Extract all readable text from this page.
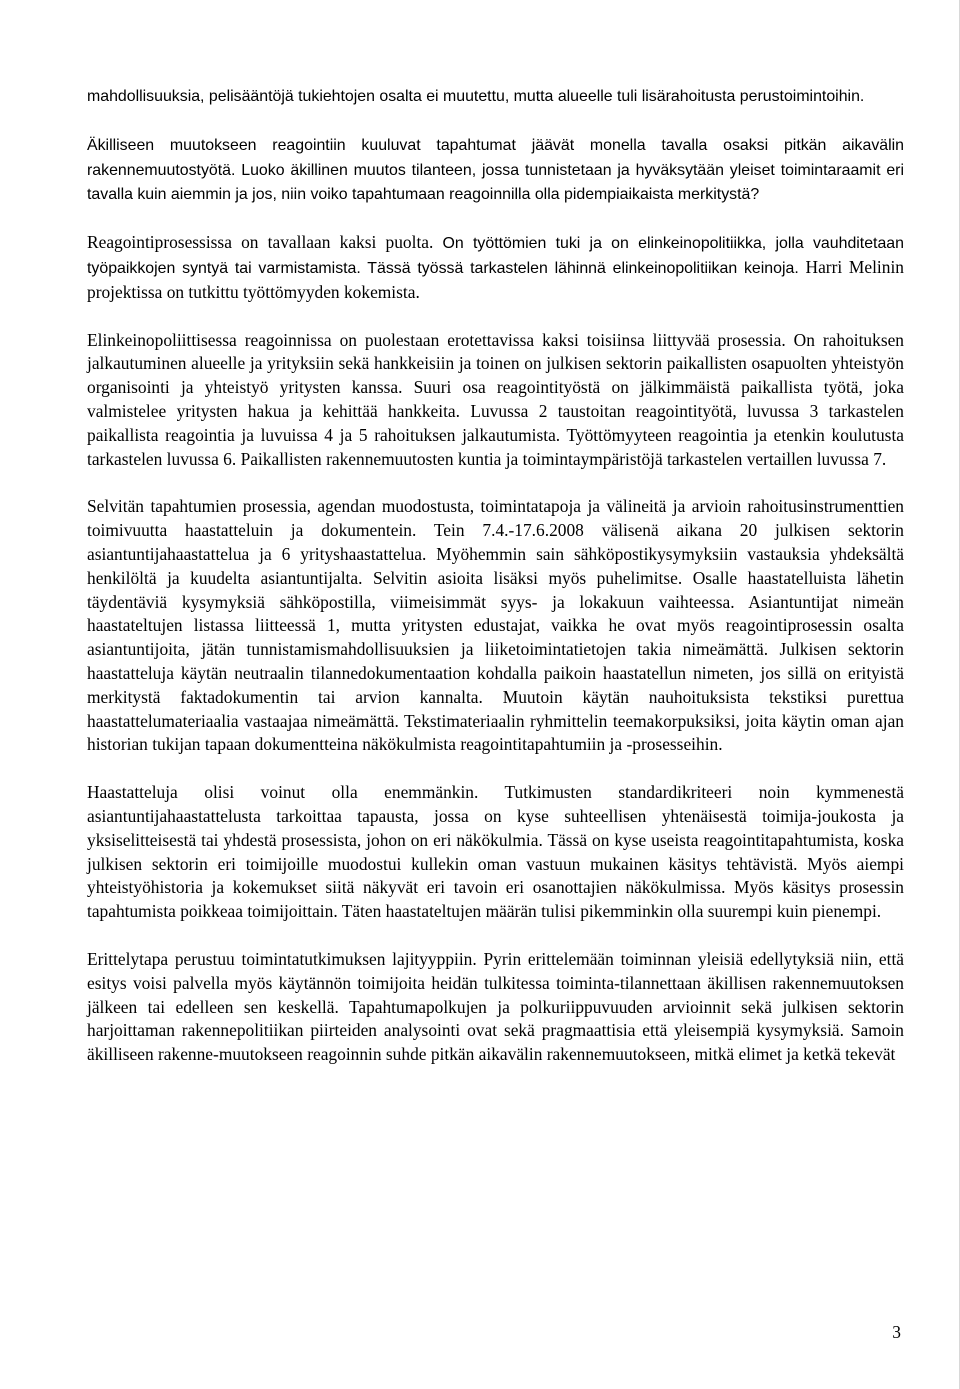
mahdollisuuksia, pelisääntöjä tukiehtojen osalta ei muutettu, mutta alueelle tuli lisärahoitusta perustoimintoihin.

Äkilliseen muutokseen reagointiin kuuluvat tapahtumat jäävät monella tavalla osaksi pitkän aikavälin rakennemuutostyötä. Luoko äkillinen muutos tilanteen, jossa tunnistetaan ja hyväksytään yleiset toimintaraamit eri tavalla kuin aiemmin ja jos, niin voiko tapahtumaan reagoinnilla olla pidempiaikaista merkitystä?

Reagointiprosessissa on tavallaan kaksi puolta. On työttömien tuki ja on elinkeinopolitiikka, jolla vauhditetaan työpaikkojen syntyä tai varmistamista. Tässä työssä tarkastelen lähinnä elinkeinopolitiikan keinoja. Harri Melinin projektissa on tutkittu työttömyyden kokemista.

Elinkeinopoliittisessa reagoinnissa on puolestaan erotettavissa kaksi toisiinsa liittyvää prosessia. On rahoituksen jalkautuminen alueelle ja yrityksiin sekä hankkeisiin ja toinen on julkisen sektorin paikallisten osapuolten yhteistyön organisointi ja yhteistyö yritysten kanssa. Suuri osa reagointityöstä on jälkimmäistä paikallista työtä, joka valmistelee yritysten hakua ja kehittää hankkeita. Luvussa 2 taustoitan reagointityötä, luvussa 3 tarkastelen paikallista reagointia ja luvuissa 4 ja 5 rahoituksen jalkautumista. Työttömyyteen reagointia ja etenkin koulutusta tarkastelen luvussa 6. Paikallisten rakennemuutosten kuntia ja toimintaympäristöjä tarkastelen vertaillen luvussa 7.

Selvitän tapahtumien prosessia, agendan muodostusta, toimintatapoja ja välineitä ja arvioin rahoitusinstrumenttien toimivuutta haastatteluin ja dokumentein. Tein 7.4.-17.6.2008 välisenä aikana 20 julkisen sektorin asiantuntijahaastattelua ja 6 yrityshaastattelua. Myöhemmin sain sähköpostikysymyksiin vastauksia yhdeksältä henkilöltä ja kuudelta asiantuntijalta. Selvitin asioita lisäksi myös puhelimitse. Osalle haastatelluista lähetin täydentäviä kysymyksiä sähköpostilla, viimeisimmät syys- ja lokakuun vaihteessa. Asiantuntijat nimeän haastateltujen listassa liitteessä 1, mutta yritysten edustajat, vaikka he ovat myös reagointiprosessin osalta asiantuntijoita, jätän tunnistamismahdollisuuksien ja liiketoimintatietojen takia nimeämättä. Julkisen sektorin haastatteluja käytän neutraalin tilannedokumentaation kohdalla paikoin haastatellun nimeten, jos sillä on erityistä merkitystä faktadokumentin tai arvion kannalta. Muutoin käytän nauhoituksista tekstiksi purettua haastattelumateriaalia vastaajaa nimeämättä. Tekstimateriaalin ryhmittelin teemakorpuksiksi, joita käytin oman ajan historian tukijan tapaan dokumentteina näkökulmista reagointitapahtumiin ja -prosesseihin.

Haastatteluja olisi voinut olla enemmänkin. Tutkimusten standardikriteeri noin kymmenestä asiantuntijahaastattelusta tarkoittaa tapausta, jossa on kyse suhteellisen yhtenäisestä toimija-joukosta ja yksiselitteisestä tai yhdestä prosessista, johon on eri näkökulmia. Tässä on kyse useista reagointitapahtumista, koska julkisen sektorin eri toimijoille muodostui kullekin oman vastuun mukainen käsitys tehtävistä. Myös aiempi yhteistyöhistoria ja kokemukset siitä näkyvät eri tavoin eri osanottajien näkökulmissa. Myös käsitys prosessin tapahtumista poikkeaa toimijoittain. Täten haastateltujen määrän tulisi pikemminkin olla suurempi kuin pienempi.

Erittelytapa perustuu toimintatutkimuksen lajityyppiin. Pyrin erittelemään toiminnan yleisiä edellytyksiä niin, että esitys voisi palvella myös käytännön toimijoita heidän tulkitessa toiminta-tilannettaan äkillisen rakennemuutoksen jälkeen tai edelleen sen keskellä. Tapahtumapolkujen ja polkuriippuvuuden arvioinnit sekä julkisen sektorin harjoittaman rakennepolitiikan piirteiden analysointi ovat sekä pragmaattisia että yleisempiä kysymyksiä. Samoin äkilliseen rakenne-muutokseen reagoinnin suhde pitkän aikavälin rakennemuutokseen, mitkä elimet ja ketkä tekevät

3
